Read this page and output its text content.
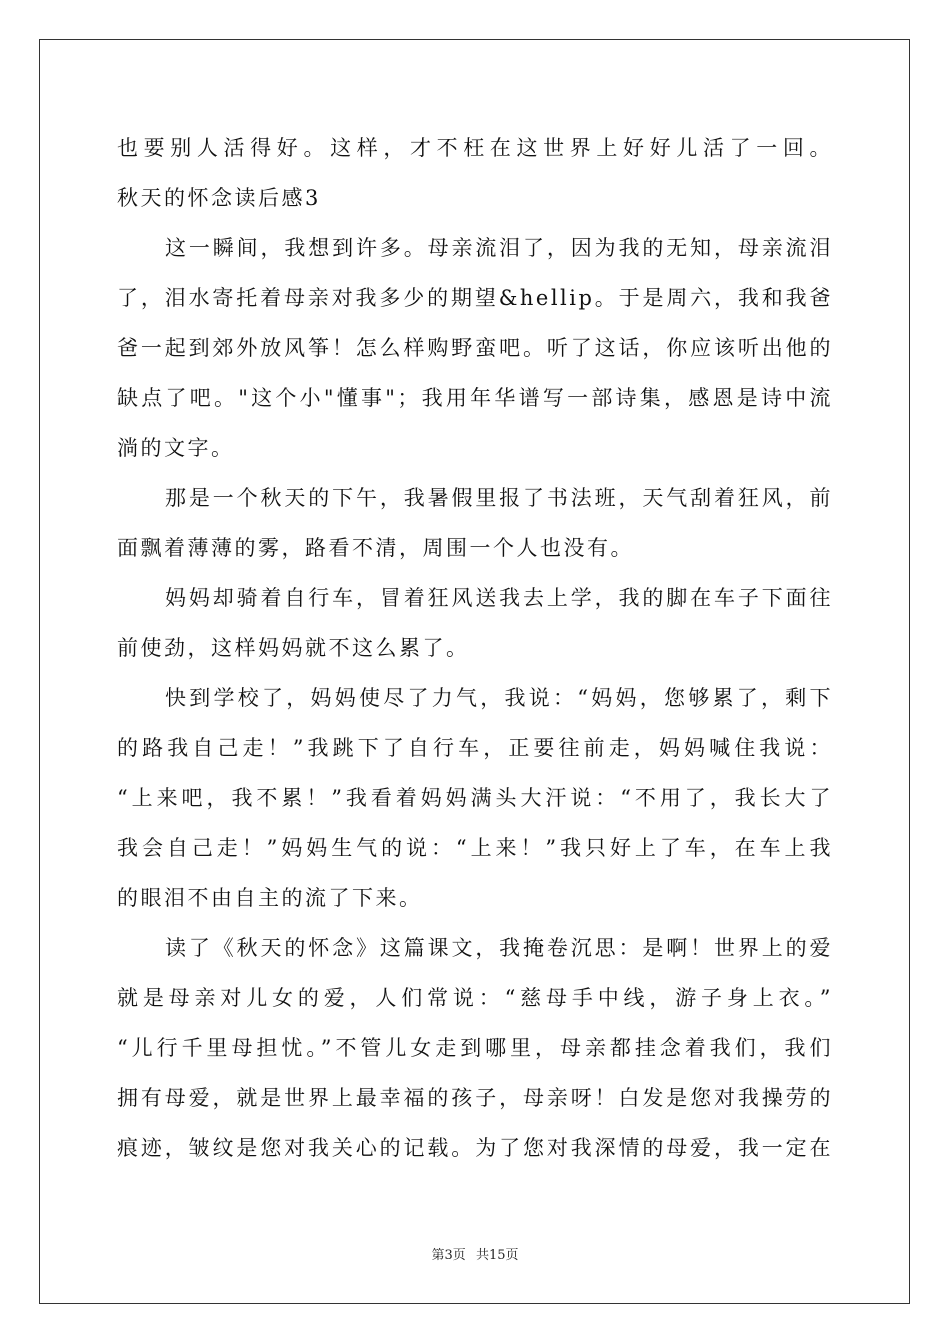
也要别人活得好。这样，才不枉在这世界上好好儿活了一回。
秋天的怀念读后感3
这一瞬间，我想到许多。母亲流泪了，因为我的无知，母亲流泪
了，泪水寄托着母亲对我多少的期望&hellip。于是周六，我和我爸
爸一起到郊外放风筝！怎么样购野蛮吧。听了这话，你应该听出他的
缺点了吧。"这个小"懂事"；我用年华谱写一部诗集，感恩是诗中流
淌的文字。
那是一个秋天的下午，我暑假里报了书法班，天气刮着狂风，前
面飘着薄薄的雾，路看不清，周围一个人也没有。
妈妈却骑着自行车，冒着狂风送我去上学，我的脚在车子下面往
前使劲，这样妈妈就不这么累了。
快到学校了，妈妈使尽了力气，我说：“妈妈，您够累了，剩下
的路我自己走！”我跳下了自行车，正要往前走，妈妈喊住我说：
“上来吧，我不累！”我看着妈妈满头大汗说：“不用了，我长大了
我会自己走！”妈妈生气的说：“上来！”我只好上了车，在车上我
的眼泪不由自主的流了下来。
读了《秋天的怀念》这篇课文，我掩卷沉思：是啊！世界上的爱
就是母亲对儿女的爱，人们常说：“慈母手中线，游子身上衣。”
“儿行千里母担忧。”不管儿女走到哪里，母亲都挂念着我们，我们
拥有母爱，就是世界上最幸福的孩子，母亲呀！白发是您对我操劳的
痕迹，皱纹是您对我关心的记载。为了您对我深情的母爱，我一定在
第3页 共15页
